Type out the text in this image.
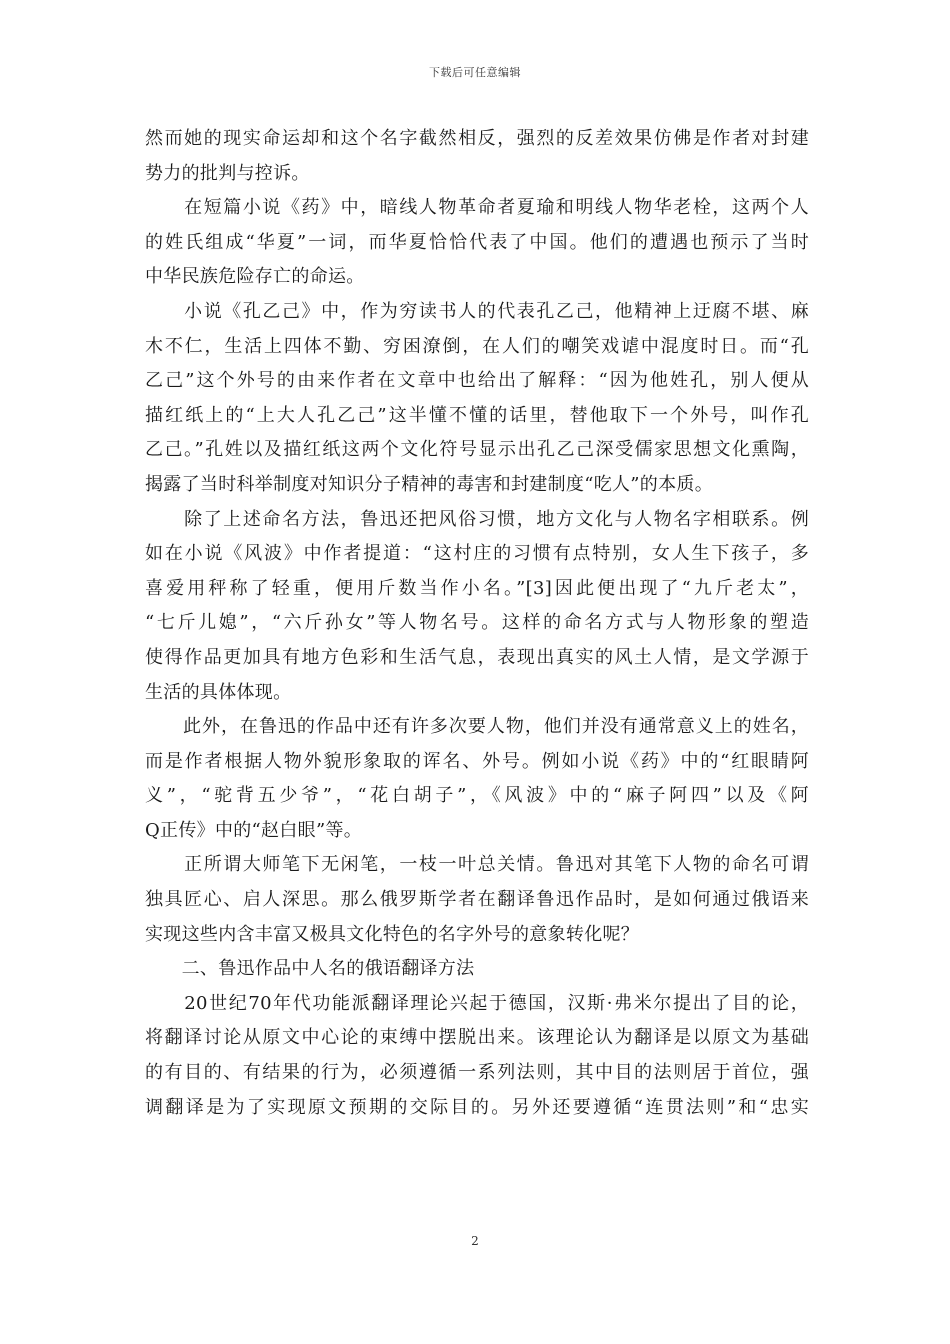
下载后可任意编辑
然而她的现实命运却和这个名字截然相反，强烈的反差效果仿佛是作者对封建
势力的批判与控诉。
　　在短篇小说《药》中，暗线人物革命者夏瑜和明线人物华老栓，这两个人
的姓氏组成“华夏”一词，而华夏恰恰代表了中国。他们的遭遇也预示了当时
中华民族危险存亡的命运。
　　小说《孔乙己》中，作为穷读书人的代表孔乙己，他精神上迂腐不堪、麻
木不仁，生活上四体不勤、穷困潦倒，在人们的嘲笑戏谑中混度时日。而“孔
乙己”这个外号的由来作者在文章中也给出了解释：“因为他姓孔，别人便从
描红纸上的“上大人孔乙己”这半懂不懂的话里，替他取下一个外号，叫作孔
乙己。”孔姓以及描红纸这两个文化符号显示出孔乙己深受儒家思想文化熏陶，
揭露了当时科举制度对知识分子精神的毒害和封建制度“吃人”的本质。
　　除了上述命名方法，鲁迅还把风俗习惯，地方文化与人物名字相联系。例
如在小说《风波》中作者提道：“这村庄的习惯有点特别，女人生下孩子，多
喜爱用秤称了轻重，便用斤数当作小名。”[3]因此便出现了“九斤老太”，
“七斤儿媳”，“六斤孙女”等人物名号。这样的命名方式与人物形象的塑造
使得作品更加具有地方色彩和生活气息，表现出真实的风土人情，是文学源于
生活的具体体现。
　　此外，在鲁迅的作品中还有许多次要人物，他们并没有通常意义上的姓名，
而是作者根据人物外貌形象取的诨名、外号。例如小说《药》中的“红眼睛阿
义”，“驼背五少爷”，“花白胡子”，《风波》中的“麻子阿四”以及《阿
Q正传》中的“赵白眼”等。
　　正所谓大师笔下无闲笔，一枝一叶总关情。鲁迅对其笔下人物的命名可谓
独具匠心、启人深思。那么俄罗斯学者在翻译鲁迅作品时，是如何通过俄语来
实现这些内含丰富又极具文化特色的名字外号的意象转化呢？
　　二、鲁迅作品中人名的俄语翻译方法
　　20世纪70年代功能派翻译理论兴起于德国，汉斯·弗米尔提出了目的论，
将翻译讨论从原文中心论的束缚中摆脱出来。该理论认为翻译是以原文为基础
的有目的、有结果的行为，必须遵循一系列法则，其中目的法则居于首位，强
调翻译是为了实现原文预期的交际目的。另外还要遵循“连贯法则”和“忠实
2
